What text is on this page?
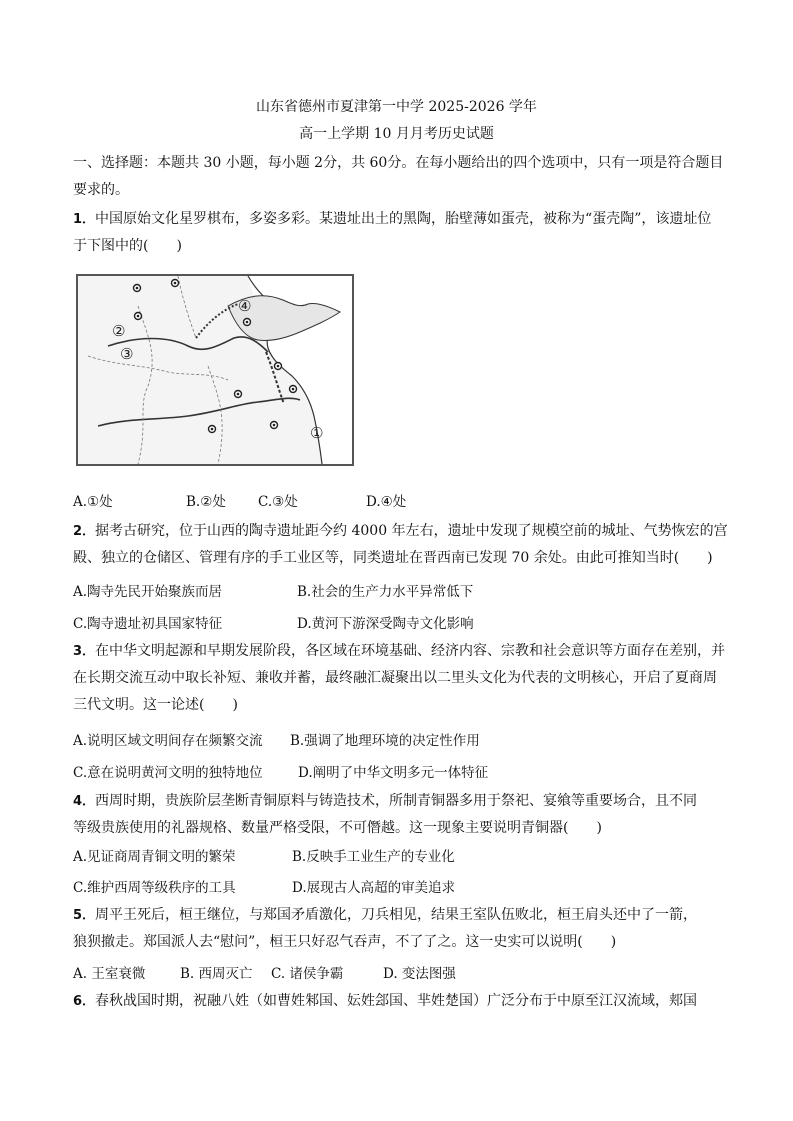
山东省德州市夏津第一中学 2025-2026 学年
高一上学期 10 月月考历史试题
一、选择题：本题共 30 小题，每小题 2分，共 60分。在每小题给出的四个选项中，只有一项是符合题目
要求的。
1．中国原始文化星罗棋布，多姿多彩。某遗址出土的黑陶，胎壁薄如蛋壳，被称为“蛋壳陶”，该遗址位
于下图中的(　　)
①
②
③
④
A.①处	B.②处 C.③处	D.④处
2．据考古研究，位于山西的陶寺遗址距今约 4000 年左右，遗址中发现了规模空前的城址、气势恢宏的宫
殿、独立的仓储区、管理有序的手工业区等，同类遗址在晋西南已发现 70 余处。由此可推知当时(　　)
A.陶寺先民开始聚族而居	B.社会的生产力水平异常低下
C.陶寺遗址初具国家特征	D.黄河下游深受陶寺文化影响
3．在中华文明起源和早期发展阶段，各区域在环境基础、经济内容、宗教和社会意识等方面存在差别，并
在长期交流互动中取长补短、兼收并蓄，最终融汇凝聚出以二里头文化为代表的文明核心，开启了夏商周
三代文明。这一论述(　　)
A.说明区域文明间存在频繁交流 B.强调了地理环境的决定性作用
C.意在说明黄河文明的独特地位	D.阐明了中华文明多元一体特征
4．西周时期，贵族阶层垄断青铜原料与铸造技术，所制青铜器多用于祭祀、宴飨等重要场合，且不同
等级贵族使用的礼器规格、数量严格受限，不可僭越。这一现象主要说明青铜器(　　)
A.见证商周青铜文明的繁荣	B.反映手工业生产的专业化
C.维护西周等级秩序的工具	D.展现古人高超的审美追求
5．周平王死后，桓王继位，与郑国矛盾激化，刀兵相见，结果王室队伍败北，桓王肩头还中了一箭，
狼狈撤走。郑国派人去“慰问”，桓王只好忍气吞声，不了了之。这一史实可以说明(　　)
A. 王室衰微	B. 西周灭亡 C. 诸侯争霸	D. 变法图强
6．春秋战国时期，祝融八姓（如曹姓邾国、妘姓郐国、芈姓楚国）广泛分布于中原至江汉流域，郏国
